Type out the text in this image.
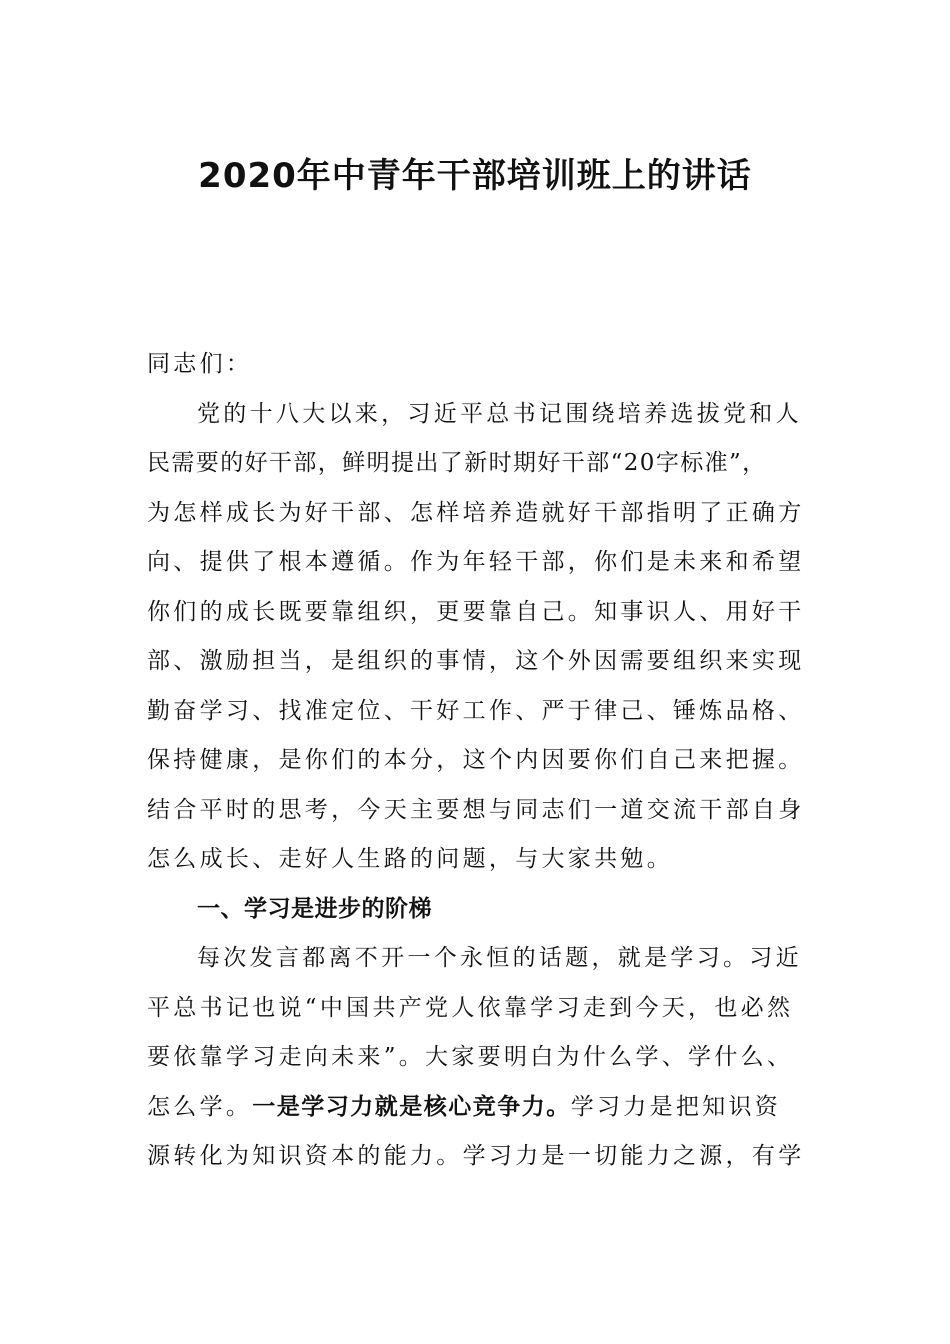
2020年中青年干部培训班上的讲话
同志们：
党的十八大以来，习近平总书记围绕培养选拔党和人
民需要的好干部，鲜明提出了新时期好干部“20字标准”，
为怎样成长为好干部、怎样培养造就好干部指明了正确方
向、提供了根本遵循。作为年轻干部，你们是未来和希望
你们的成长既要靠组织，更要靠自己。知事识人、用好干
部、激励担当，是组织的事情，这个外因需要组织来实现
勤奋学习、找准定位、干好工作、严于律己、锤炼品格、
保持健康，是你们的本分，这个内因要你们自己来把握。
结合平时的思考，今天主要想与同志们一道交流干部自身
怎么成长、走好人生路的问题，与大家共勉。
一、学习是进步的阶梯
每次发言都离不开一个永恒的话题，就是学习。习近
平总书记也说“中国共产党人依靠学习走到今天，也必然
要依靠学习走向未来”。大家要明白为什么学、学什么、
怎么学。一是学习力就是核心竞争力。学习力是把知识资
源转化为知识资本的能力。学习力是一切能力之源，有学
